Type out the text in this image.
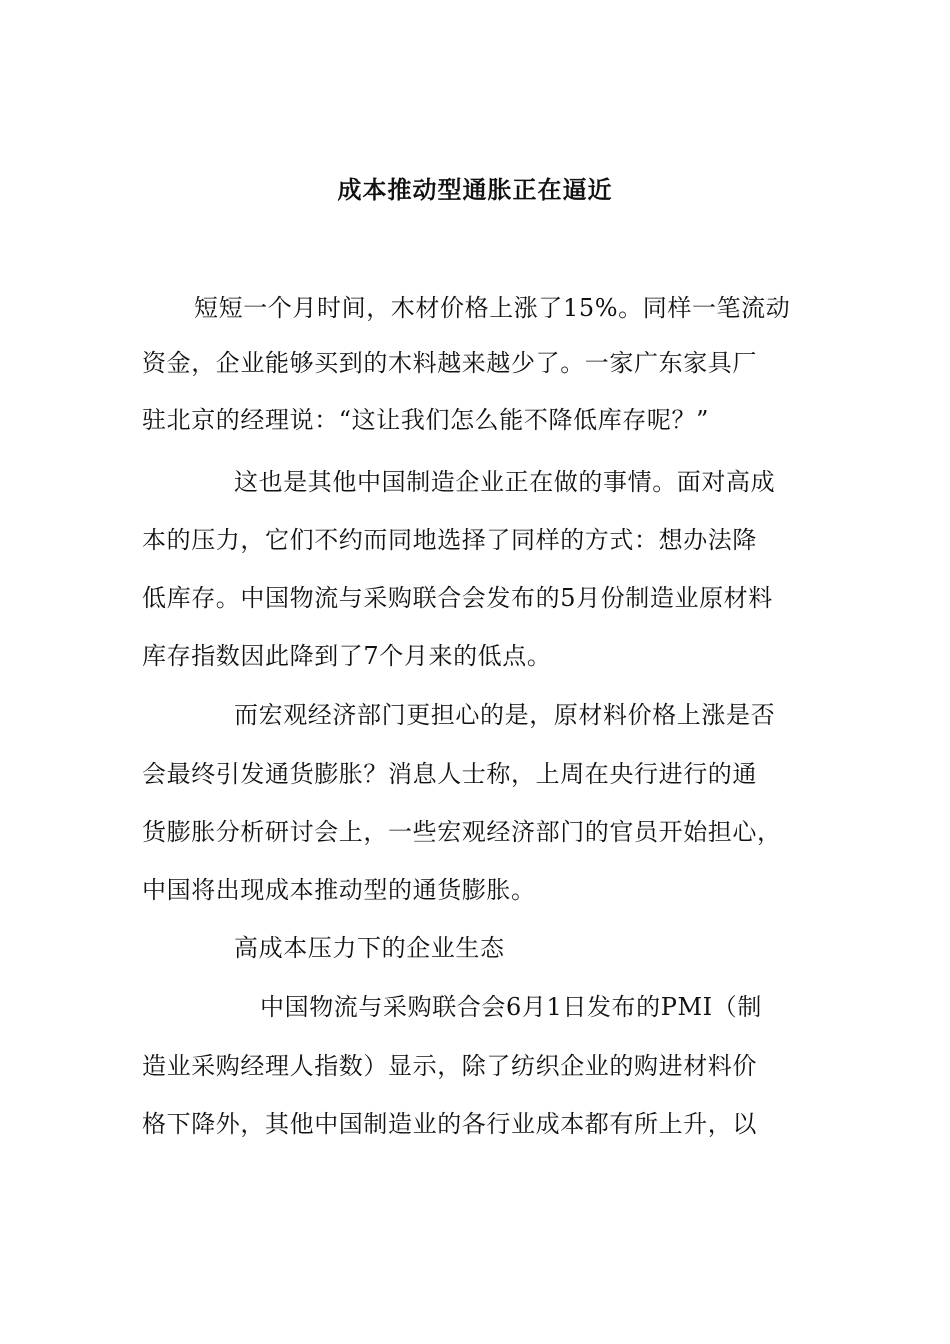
成本推动型通胀正在逼近
短短一个月时间，木材价格上涨了15%。同样一笔流动
资金，企业能够买到的木料越来越少了。一家广东家具厂
驻北京的经理说：“这让我们怎么能不降低库存呢？”
这也是其他中国制造企业正在做的事情。面对高成
本的压力，它们不约而同地选择了同样的方式：想办法降
低库存。中国物流与采购联合会发布的5月份制造业原材料
库存指数因此降到了7个月来的低点。
而宏观经济部门更担心的是，原材料价格上涨是否
会最终引发通货膨胀？消息人士称，上周在央行进行的通
货膨胀分析研讨会上，一些宏观经济部门的官员开始担心，
中国将出现成本推动型的通货膨胀。
高成本压力下的企业生态
中国物流与采购联合会6月1日发布的PMI（制
造业采购经理人指数）显示，除了纺织企业的购进材料价
格下降外，其他中国制造业的各行业成本都有所上升，以
